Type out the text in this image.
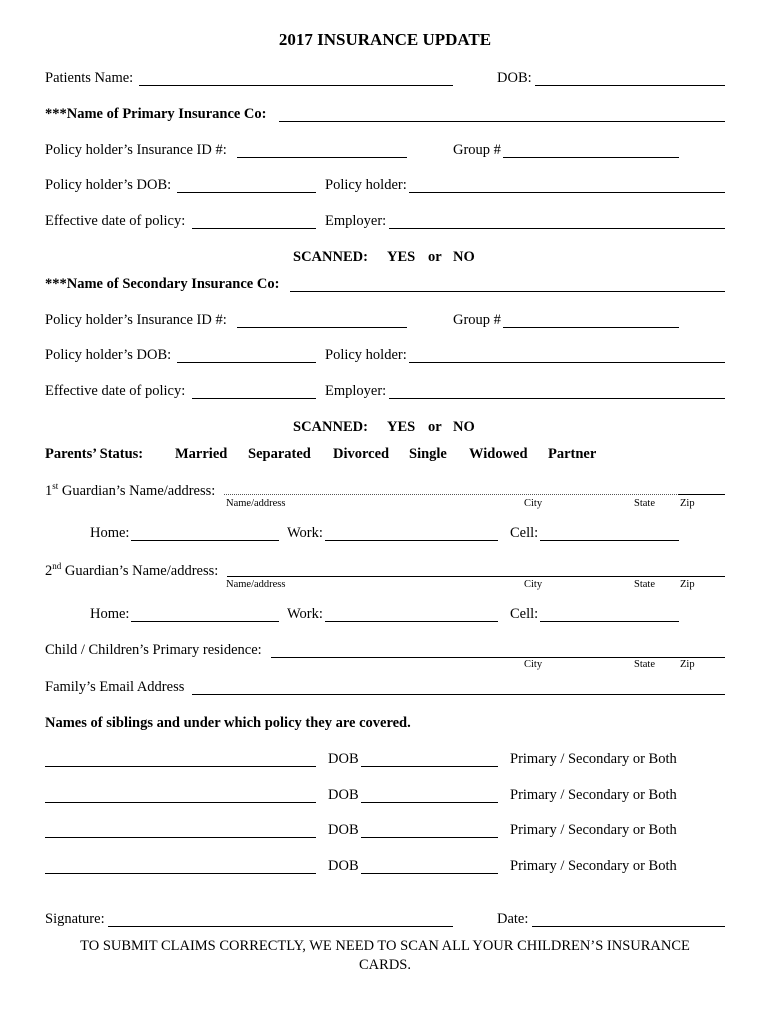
2017 INSURANCE UPDATE
Patients Name:	DOB:
***Name of Primary Insurance Co:
Policy holder’s Insurance ID #:	Group #
Policy holder’s DOB:	Policy holder:
Effective date of policy:	Employer:
SCANNED: YES or NO
***Name of Secondary Insurance Co:
Policy holder’s Insurance ID #:	Group #
Policy holder’s DOB:	Policy holder:
Effective date of policy:	Employer:
SCANNED: YES or NO
Parents’ Status: Married Separated Divorced Single Widowed Partner
1st Guardian’s Name/address:
Name/address	City	State Zip
Home:	Work:	Cell:
2nd Guardian’s Name/address:
Name/address	City	State Zip
Home:	Work:	Cell:
Child / Children’s Primary residence:
City	State Zip
Family’s Email Address
Names of siblings and under which policy they are covered.
DOB	Primary / Secondary or Both
DOB	Primary / Secondary or Both
DOB	Primary / Secondary or Both
DOB	Primary / Secondary or Both
Signature:	Date:
TO SUBMIT CLAIMS CORRECTLY, WE NEED TO SCAN ALL YOUR CHILDREN’S INSURANCE
CARDS.
